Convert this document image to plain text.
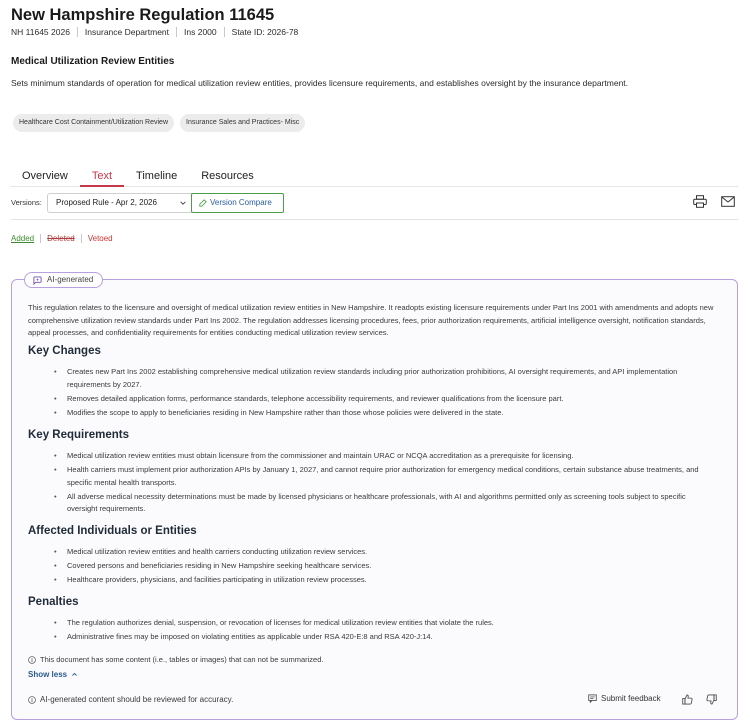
New Hampshire Regulation 11645
NH 11645 2026 Insurance Department Ins 2000 State ID: 2026-78
Medical Utilization Review Entities
Sets minimum standards of operation for medical utilization review entities, provides licensure requirements, and establishes oversight by the insurance department.
Healthcare Cost Containment/Utilization Review	Insurance Sales and Practices- Misc
Overview	Text	Timeline	Resources
Versions:	Proposed Rule - Apr 2, 2026	Version Compare
Added Deleted Vetoed
AI-generated
This regulation relates to the licensure and oversight of medical utilization review entities in New Hampshire. It readopts existing licensure requirements under Part Ins 2001 with amendments and adopts new comprehensive utilization review standards under Part Ins 2002. The regulation addresses licensing procedures, fees, prior authorization requirements, artificial intelligence oversight, notification standards, appeal processes, and confidentiality requirements for entities conducting medical utilization review services.
Key Changes
• Creates new Part Ins 2002 establishing comprehensive medical utilization review standards including prior authorization prohibitions, AI oversight requirements, and API implementation requirements by 2027.
• Removes detailed application forms, performance standards, telephone accessibility requirements, and reviewer qualifications from the licensure part.
• Modifies the scope to apply to beneficiaries residing in New Hampshire rather than those whose policies were delivered in the state.
Key Requirements
• Medical utilization review entities must obtain licensure from the commissioner and maintain URAC or NCQA accreditation as a prerequisite for licensing.
• Health carriers must implement prior authorization APIs by January 1, 2027, and cannot require prior authorization for emergency medical conditions, certain substance abuse treatments, and specific mental health transports.
• All adverse medical necessity determinations must be made by licensed physicians or healthcare professionals, with AI and algorithms permitted only as screening tools subject to specific oversight requirements.
Affected Individuals or Entities
• Medical utilization review entities and health carriers conducting utilization review services.
• Covered persons and beneficiaries residing in New Hampshire seeking healthcare services.
• Healthcare providers, physicians, and facilities participating in utilization review processes.
Penalties
• The regulation authorizes denial, suspension, or revocation of licenses for medical utilization review entities that violate the rules.
• Administrative fines may be imposed on violating entities as applicable under RSA 420-E:8 and RSA 420-J:14.
This document has some content (i.e., tables or images) that can not be summarized.
Show less
AI-generated content should be reviewed for accuracy.	Submit feedback
